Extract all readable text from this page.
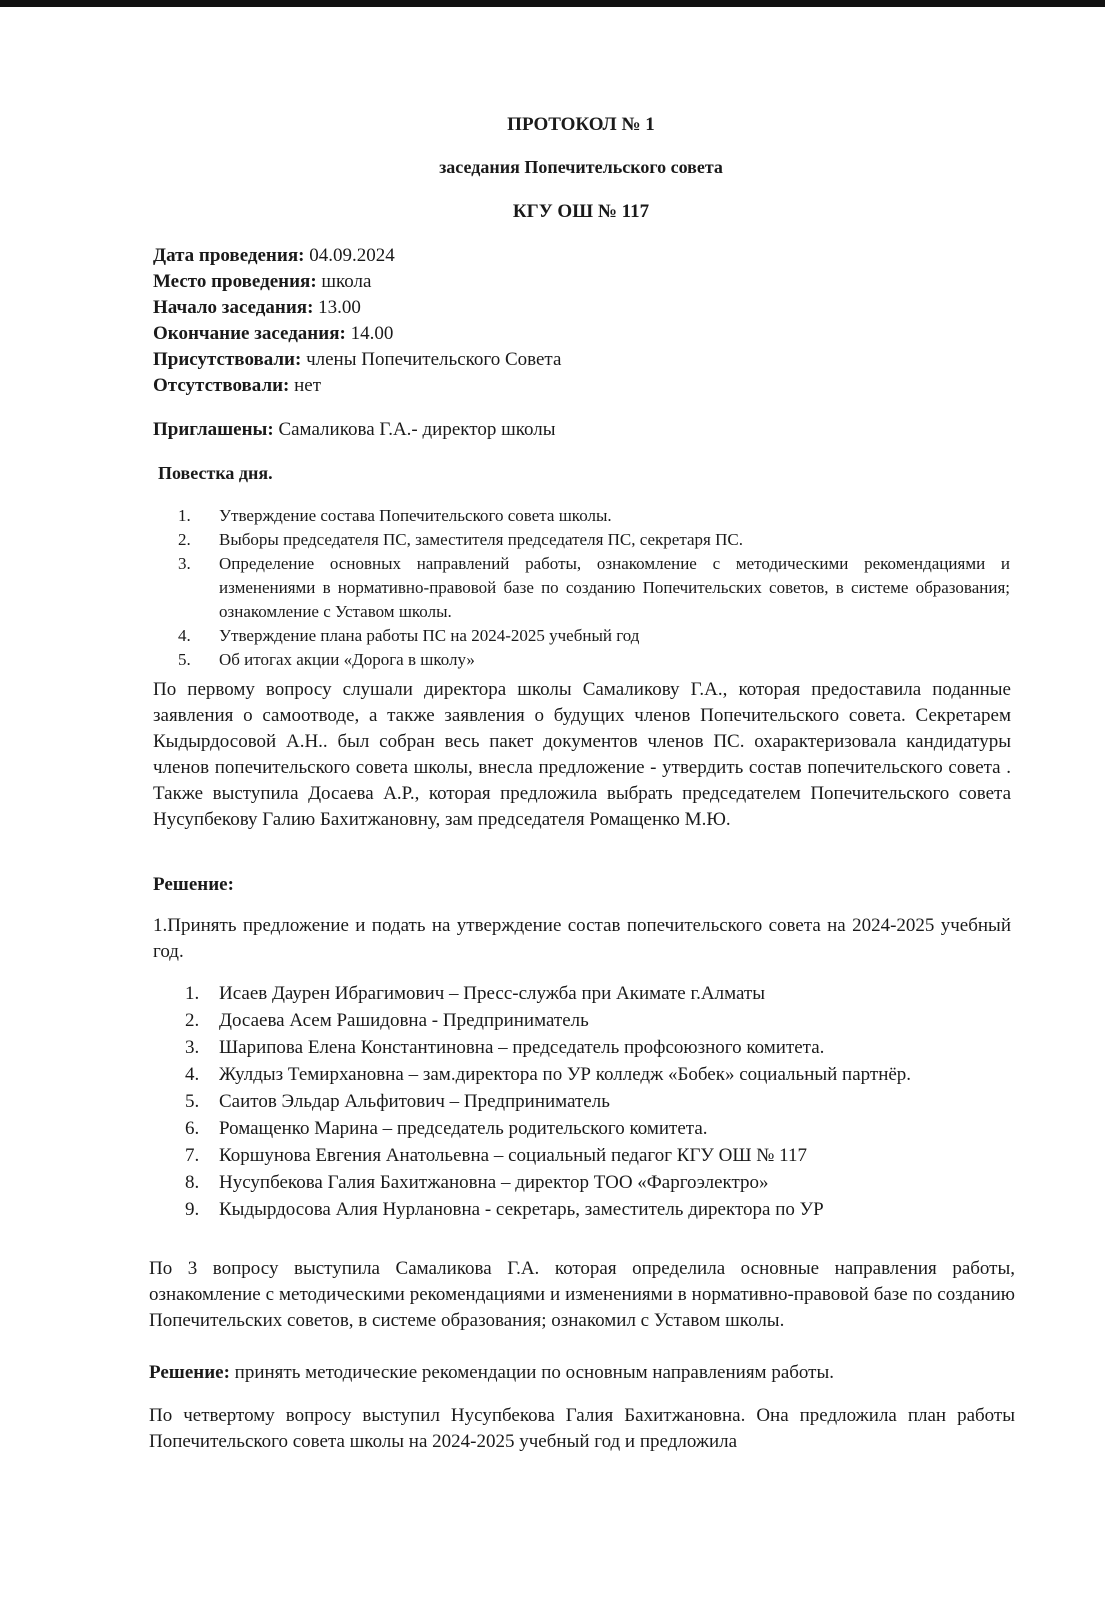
ПРОТОКОЛ № 1
заседания Попечительского совета
КГУ ОШ № 117
Дата проведения: 04.09.2024
Место проведения: школа
Начало заседания: 13.00
Окончание заседания: 14.00
Присутствовали: члены Попечительского Совета
Отсутствовали: нет
Приглашены: Самаликова Г.А.- директор школы
Повестка дня.
1.	Утверждение состава Попечительского совета школы.
2.	Выборы председателя ПС, заместителя председателя ПС, секретаря ПС.
3.	Определение основных направлений работы, ознакомление с методическими рекомендациями и изменениями в нормативно-правовой базе по созданию Попечительских советов, в системе образования; ознакомление с Уставом школы.
4.	Утверждение плана работы ПС на 2024-2025 учебный год
5.	Об итогах акции «Дорога в школу»
По первому вопросу слушали директора школы Самаликову Г.А., которая предоставила поданные заявления о самоотводе, а также заявления о будущих членов Попечительского совета. Секретарем Кыдырдосовой А.Н.. был собран весь пакет документов членов ПС. охарактеризовала кандидатуры членов попечительского совета школы, внесла предложение - утвердить состав попечительского совета . Также выступила Досаева А.Р., которая предложила выбрать председателем Попечительского совета Нусупбекову Галию Бахитжановну, зам председателя Ромащенко М.Ю.
Решение:
1.Принять предложение и подать на утверждение состав попечительского совета на 2024-2025 учебный год.
1.	Исаев Даурен Ибрагимович – Пресс-служба при Акимате г.Алматы
2.	Досаева Асем Рашидовна - Предприниматель
3.	Шарипова Елена Константиновна – председатель профсоюзного комитета.
4.	Жулдыз Темирхановна – зам.директора по УР колледж «Бобек» социальный партнёр.
5.	Саитов Эльдар Альфитович – Предприниматель
6.	Ромащенко Марина – председатель родительского комитета.
7.	Коршунова Евгения Анатольевна – социальный педагог КГУ ОШ № 117
8.	Нусупбекова Галия Бахитжановна – директор ТОО «Фаргоэлектро»
9.	Кыдырдосова Алия Нурлановна - секретарь, заместитель директора по УР
По 3 вопросу выступила Самаликова Г.А. которая определила основные направления работы, ознакомление с методическими рекомендациями и изменениями в нормативно-правовой базе по созданию Попечительских советов, в системе образования; ознакомил с Уставом школы.
Решение: принять методические рекомендации по основным направлениям работы.
По четвертому вопросу выступил Нусупбекова Галия Бахитжановна. Она предложила план работы Попечительского совета школы на 2024-2025 учебный год и предложила
